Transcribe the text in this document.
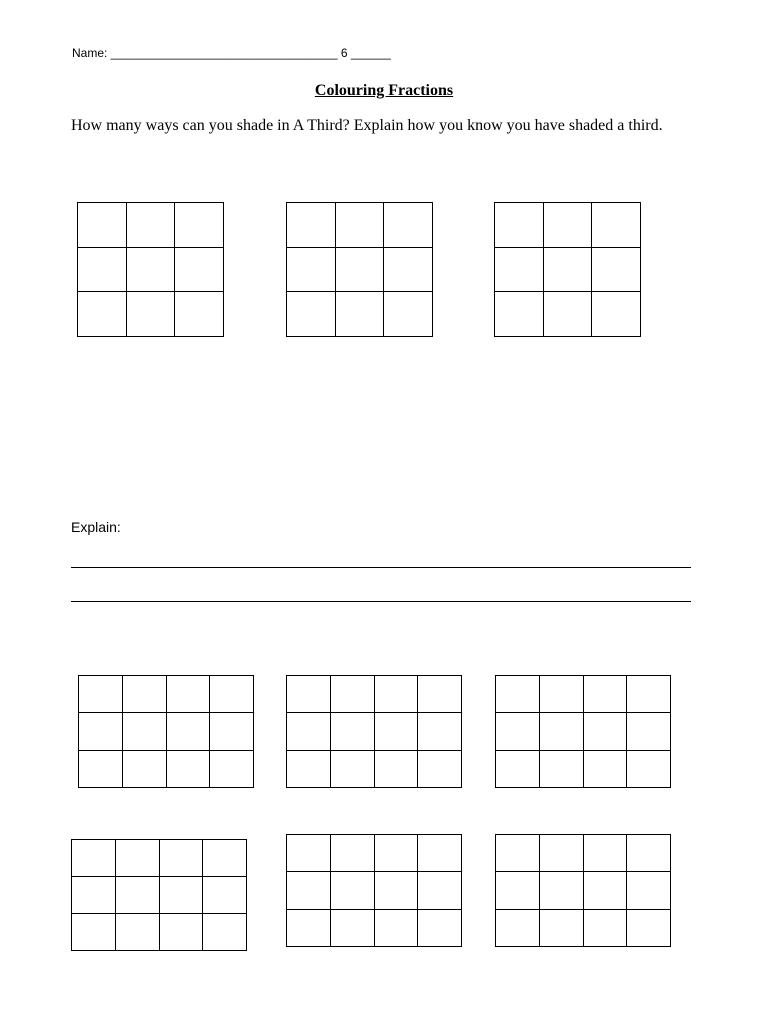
Name: __________________________________ 6 ______
Colouring Fractions
How many ways can you shade in A Third? Explain how you know you have shaded a third.
Explain:
